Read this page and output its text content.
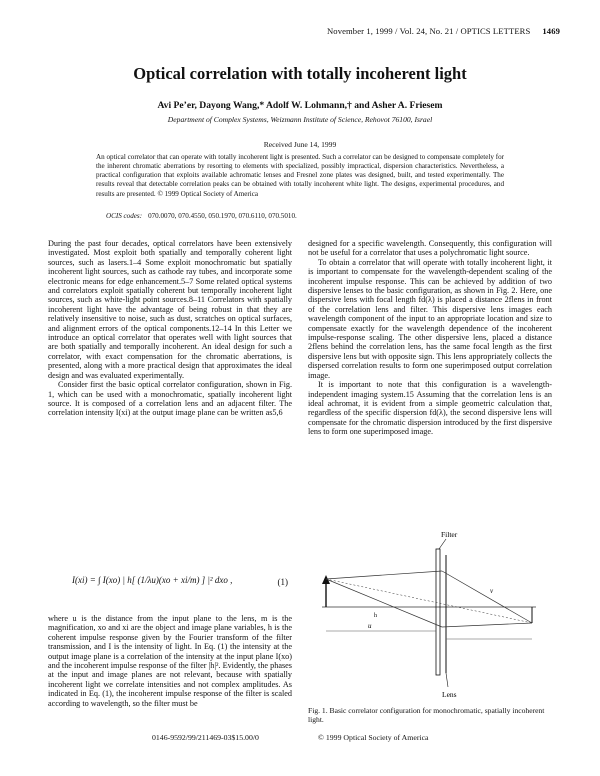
November 1, 1999 / Vol. 24, No. 21 / OPTICS LETTERS 1469
Optical correlation with totally incoherent light
Avi Pe’er, Dayong Wang,* Adolf W. Lohmann,† and Asher A. Friesem
Department of Complex Systems, Weizmann Institute of Science, Rehovot 76100, Israel
Received June 14, 1999
An optical correlator that can operate with totally incoherent light is presented. Such a correlator can be designed to compensate completely for the inherent chromatic aberrations by resorting to elements with specialized, possibly impractical, dispersion characteristics. Nevertheless, a practical configuration that exploits available achromatic lenses and Fresnel zone plates was designed, built, and tested experimentally. The results reveal that detectable correlation peaks can be obtained with totally incoherent white light. The designs, experimental procedures, and results are presented. © 1999 Optical Society of America
OCIS codes: 070.0070, 070.4550, 050.1970, 070.6110, 070.5010.

During the past four decades, optical correlators have been extensively investigated. Most exploit both spatially and temporally coherent light sources, such as lasers.1–4 Some exploit monochromatic but spatially incoherent light sources, such as cathode ray tubes, and incorporate some electronic means for edge enhancement.5–7 Some related optical systems and correlators exploit spatially coherent but temporally incoherent light sources, such as white-light point sources.8–11 Correlators with spatially incoherent light have the advantage of being robust in that they are relatively insensitive to noise, such as dust, scratches on optical surfaces, and alignment errors of the optical components.12–14 In this Letter we introduce an optical correlator that operates well with light sources that are both spatially and temporally incoherent. An ideal design for such a correlator, with exact compensation for the chromatic aberrations, is presented, along with a more practical design that approximates the ideal design and was evaluated experimentally.

Consider first the basic optical correlator configuration, shown in Fig. 1, which can be used with a monochromatic, spatially incoherent light source. It is composed of a correlation lens and an adjacent filter. The correlation intensity I(xi) at the output image plane can be written as5,6

I(xi) = ∫ I(xo) | h[ (1/λu)(xo + xi/m) ] |² dxo ,	(1)

where u is the distance from the input plane to the lens, m is the magnification, xo and xi are the object and image plane variables, h is the coherent impulse response given by the Fourier transform of the filter transmission, and I is the intensity of light. In Eq. (1) the intensity at the output image plane is a correlation of the intensity at the input plane I(xo) and the incoherent impulse response of the filter |h|². Evidently, the phases at the input and image planes are not relevant, because with spatially incoherent light we correlate intensities and not complex amplitudes. As indicated in Eq. (1), the incoherent impulse response of the filter is scaled according to wavelength, so the filter must be

designed for a specific wavelength. Consequently, this configuration will not be useful for a correlator that uses a polychromatic light source.

To obtain a correlator that will operate with totally incoherent light, it is important to compensate for the wavelength-dependent scaling of the incoherent impulse response. This can be achieved by addition of two dispersive lenses to the basic configuration, as shown in Fig. 2. Here, one dispersive lens with focal length fd(λ) is placed a distance 2flens in front of the correlation lens and filter. This dispersive lens images each wavelength component of the input to an appropriate location and size to compensate exactly for the wavelength dependence of the incoherent impulse-response scaling. The other dispersive lens, placed a distance 2flens behind the correlation lens, has the same focal length as the first dispersive lens but with opposite sign. This lens appropriately collects the dispersed correlation results to form one superimposed output correlation image.

It is important to note that this configuration is a wavelength-independent imaging system.15 Assuming that the correlation lens is an ideal achromat, it is evident from a simple geometric calculation that, regardless of the specific dispersion fd(λ), the second dispersive lens will compensate for the chromatic dispersion introduced by the first dispersive lens to form one superimposed image.

u
v
h
Filter
Lens
Fig. 1. Basic correlator configuration for monochromatic, spatially incoherent light.
0146-9592/99/211469-03$15.00/0	© 1999 Optical Society of America
